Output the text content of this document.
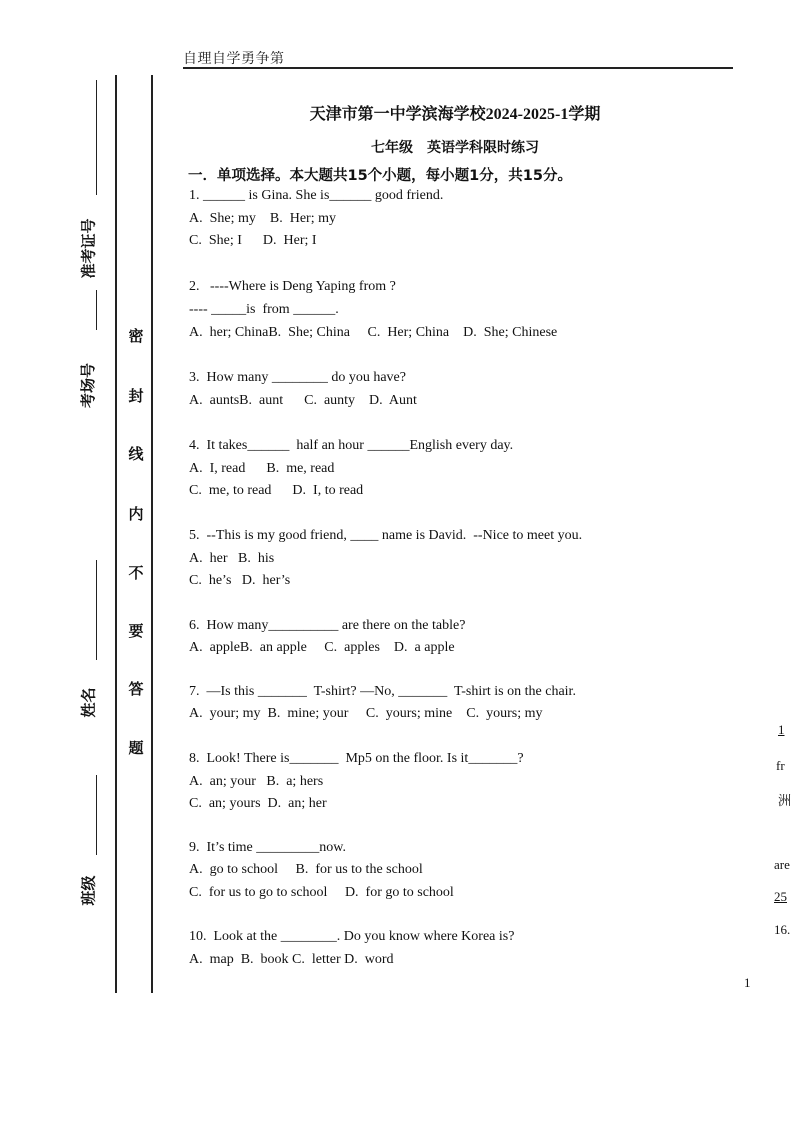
自理自学勇争第
准考证号
考场号
姓名
班级
密
封
线
内
不
要
答
题
天津市第一中学滨海学校2024-2025-1学期
七年级　英语学科限时练习
一．单项选择。本大题共15个小题，每小题1分，共15分。
1. ______ is Gina. She is______ good friend.
A.  She; my    B.  Her; my
C.  She; I      D.  Her; I
2.   ----Where is Deng Yaping from ?
---- _____is  from ______.
A.  her; ChinaB.  She; China     C.  Her; China    D.  She; Chinese
3.  How many ________ do you have?
A.  auntsB.  aunt      C.  aunty    D.  Aunt
4.  It takes______  half an hour ______English every day.
A.  I, read      B.  me, read
C.  me, to read      D.  I, to read
5.  --This is my good friend, ____ name is David.  --Nice to meet you.
A.  her   B.  his
C.  he’s   D.  her’s
6.  How many__________ are there on the table?
A.  appleB.  an apple     C.  apples    D.  a apple
7.  —Is this _______  T-shirt? —No, _______  T-shirt is on the chair.
A.  your; my  B.  mine; your     C.  yours; mine    C.  yours; my
8.  Look! There is_______  Mp5 on the floor. Is it_______?
A.  an; your   B.  a; hers
C.  an; yours  D.  an; her
9.  It’s time _________now.
A.  go to school     B.  for us to the school
C.  for us to go to school     D.  for go to school
10.  Look at the ________. Do you know where Korea is?
A.  map  B.  book C.  letter D.  word
1
fr
洲
are
25
16.
1
